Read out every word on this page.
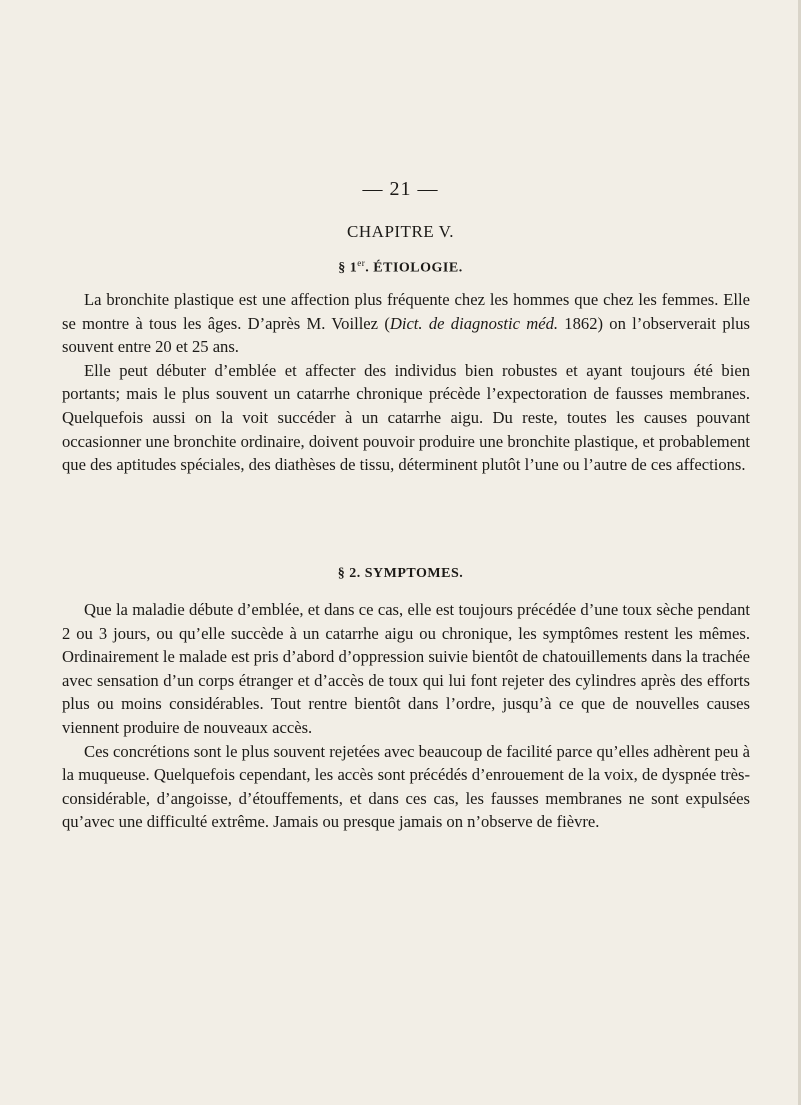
— 21 —
CHAPITRE V.
§ 1er. ÉTIOLOGIE.

La bronchite plastique est une affection plus fréquente chez les hommes que chez les femmes. Elle se montre à tous les âges. D’après M. Voillez (Dict. de diagnostic méd. 1862) on l’observerait plus souvent entre 20 et 25 ans.

Elle peut débuter d’emblée et affecter des individus bien robustes et ayant toujours été bien portants; mais le plus souvent un catarrhe chronique précède l’expectoration de fausses membranes. Quelquefois aussi on la voit succéder à un catarrhe aigu. Du reste, toutes les causes pouvant occasionner une bronchite ordinaire, doivent pouvoir produire une bronchite plastique, et probablement que des aptitudes spéciales, des diathèses de tissu, déterminent plutôt l’une ou l’autre de ces affections.

§ 2. SYMPTOMES.

Que la maladie débute d’emblée, et dans ce cas, elle est toujours précédée d’une toux sèche pendant 2 ou 3 jours, ou qu’elle succède à un catarrhe aigu ou chronique, les symptômes restent les mêmes. Ordinairement le malade est pris d’abord d’oppression suivie bientôt de chatouillements dans la trachée avec sensation d’un corps étranger et d’accès de toux qui lui font rejeter des cylindres après des efforts plus ou moins considérables. Tout rentre bientôt dans l’ordre, jusqu’à ce que de nouvelles causes viennent produire de nouveaux accès.

Ces concrétions sont le plus souvent rejetées avec beaucoup de facilité parce qu’elles adhèrent peu à la muqueuse. Quelquefois cependant, les accès sont précédés d’enrouement de la voix, de dyspnée très-considérable, d’angoisse, d’étouffements, et dans ces cas, les fausses membranes ne sont expulsées qu’avec une difficulté extrême. Jamais ou presque jamais on n’observe de fièvre.
